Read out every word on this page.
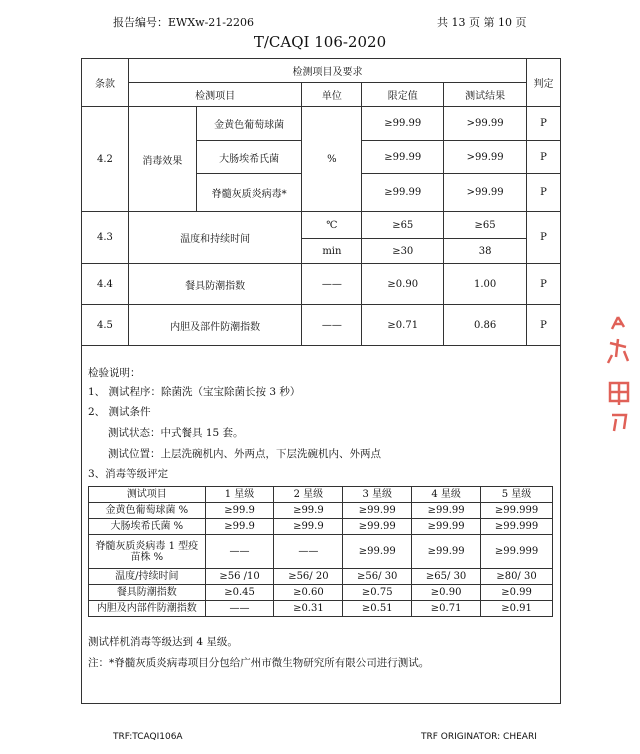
报告编号：EWXw-21-2206	共 13 页 第 10 页
T/CAQI 106-2020
条款	检测项目及要求					判定
	检测项目		单位	限定值	测试结果	
4.2	消毒效果	金黄色葡萄球菌	%	≥99.99	>99.99	P
		大肠埃希氏菌		≥99.99	>99.99	P
		脊髓灰质炎病毒*		≥99.99	>99.99	P
4.3	温度和持续时间		℃	≥65	≥65	P
			min	≥30	38	
4.4	餐具防潮指数		——	≥0.90	1.00	P
4.5	内胆及部件防潮指数		——	≥0.71	0.86	P
检验说明：
1、 测试程序：除菌洗（宝宝除菌长按 3 秒）
2、 测试条件
测试状态：中式餐具 15 套。
测试位置：上层洗碗机内、外两点，下层洗碗机内、外两点
3、消毒等级评定
测试项目	1 星级	2 星级	3 星级	4 星级	5 星级
金黄色葡萄球菌 %	≥99.9	≥99.9	≥99.99	≥99.99	≥99.999
大肠埃希氏菌 %	≥99.9	≥99.9	≥99.99	≥99.99	≥99.999
脊髓灰质炎病毒 1 型疫苗株 %	——	——	≥99.99	≥99.99	≥99.999
温度/持续时间	≥56 /10	≥56/ 20	≥56/ 30	≥65/ 30	≥80/ 30
餐具防潮指数	≥0.45	≥0.60	≥0.75	≥0.90	≥0.99
内胆及内部件防潮指数	——	≥0.31	≥0.51	≥0.71	≥0.91
测试样机消毒等级达到 4 星级。
注：*脊髓灰质炎病毒项目分包给广州市微生物研究所有限公司进行测试。
TRF:TCAQI106A	TRF ORIGINATOR: CHEARI
